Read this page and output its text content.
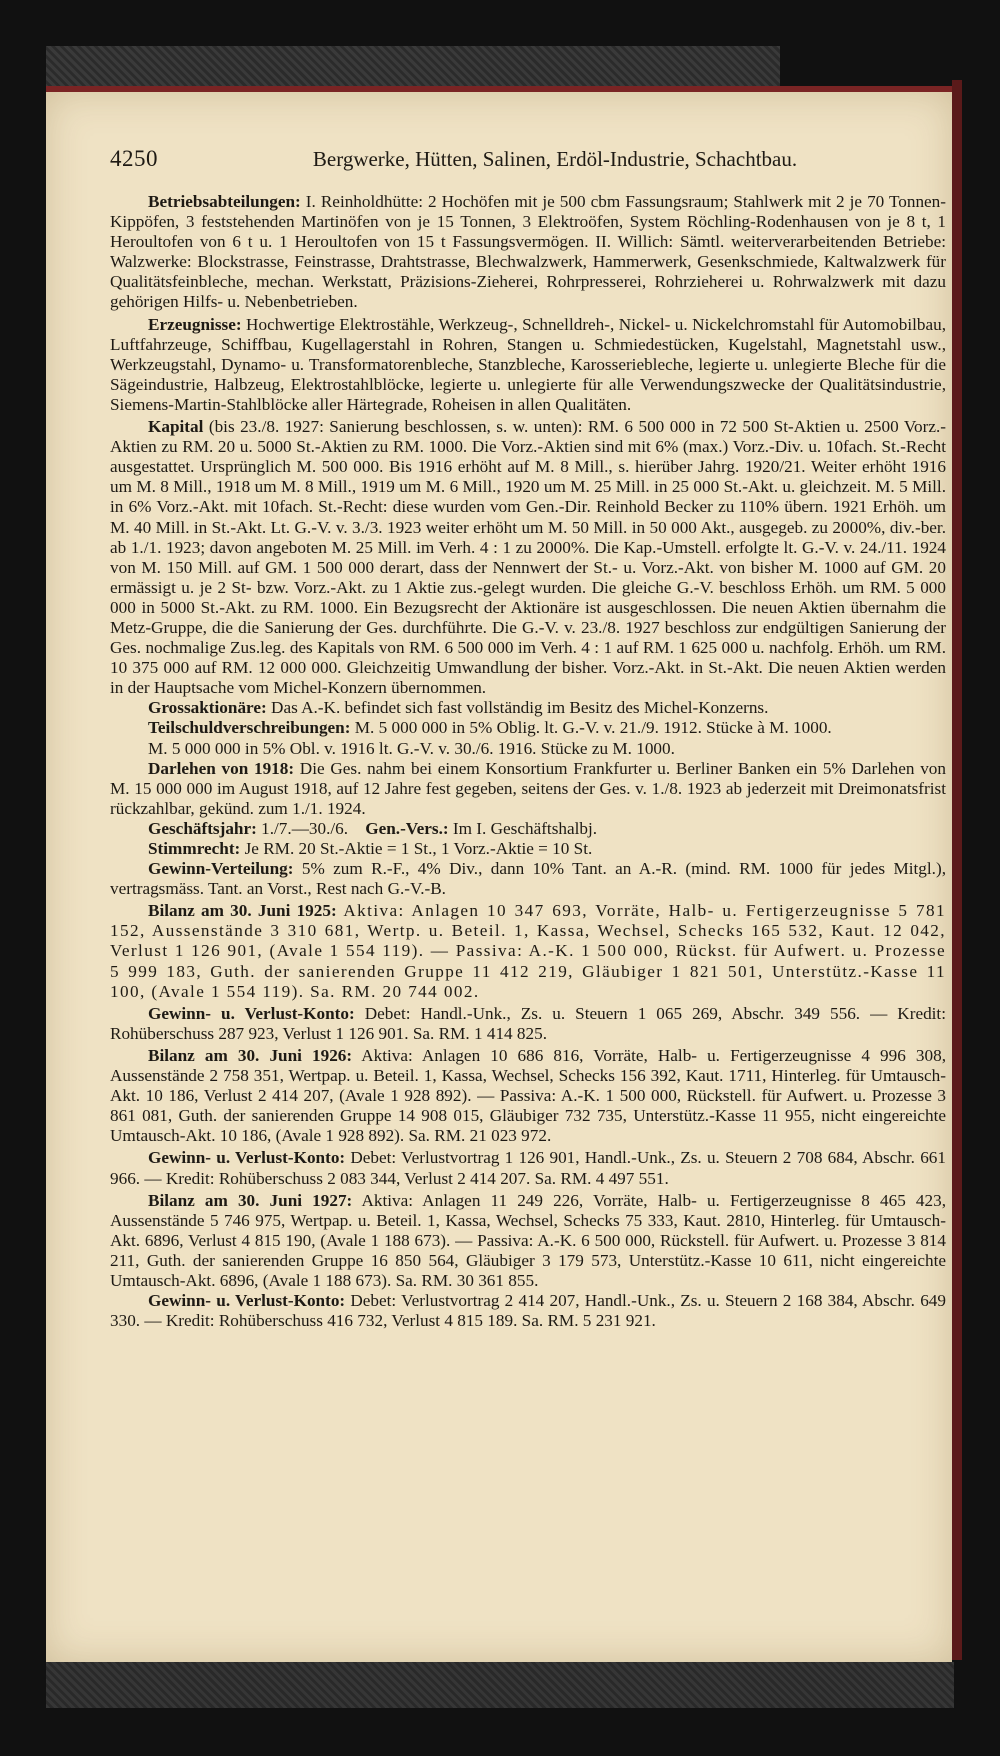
4250	Bergwerke, Hütten, Salinen, Erdöl-Industrie, Schachtbau.

Betriebsabteilungen: I. Reinholdhütte: 2 Hochöfen mit je 500 cbm Fassungsraum; Stahlwerk mit 2 je 70 Tonnen-Kippöfen, 3 feststehenden Martinöfen von je 15 Tonnen, 3 Elektroöfen, System Röchling-Rodenhausen von je 8 t, 1 Heroultofen von 6 t u. 1 Heroultofen von 15 t Fassungsvermögen. II. Willich: Sämtl. weiterverarbeitenden Betriebe: Walzwerke: Blockstrasse, Feinstrasse, Drahtstrasse, Blechwalzwerk, Hammerwerk, Gesenkschmiede, Kaltwalzwerk für Qualitätsfeinbleche, mechan. Werkstatt, Präzisions-Zieherei, Rohrpresserei, Rohrzieherei u. Rohrwalzwerk mit dazu gehörigen Hilfs- u. Nebenbetrieben.

Erzeugnisse: Hochwertige Elektrostähle, Werkzeug-, Schnelldreh-, Nickel- u. Nickelchromstahl für Automobilbau, Luftfahrzeuge, Schiffbau, Kugellagerstahl in Rohren, Stangen u. Schmiedestücken, Kugelstahl, Magnetstahl usw., Werkzeugstahl, Dynamo- u. Transformatorenbleche, Stanzbleche, Karosseriebleche, legierte u. unlegierte Bleche für die Sägeindustrie, Halbzeug, Elektrostahlblöcke, legierte u. unlegierte für alle Verwendungszwecke der Qualitätsindustrie, Siemens-Martin-Stahlblöcke aller Härtegrade, Roheisen in allen Qualitäten.

Kapital (bis 23./8. 1927: Sanierung beschlossen, s. w. unten): RM. 6 500 000 in 72 500 St-Aktien u. 2500 Vorz.-Aktien zu RM. 20 u. 5000 St.-Aktien zu RM. 1000. Die Vorz.-Aktien sind mit 6% (max.) Vorz.-Div. u. 10fach. St.-Recht ausgestattet. Ursprünglich M. 500 000. Bis 1916 erhöht auf M. 8 Mill., s. hierüber Jahrg. 1920/21. Weiter erhöht 1916 um M. 8 Mill., 1918 um M. 8 Mill., 1919 um M. 6 Mill., 1920 um M. 25 Mill. in 25 000 St.-Akt. u. gleichzeit. M. 5 Mill. in 6% Vorz.-Akt. mit 10fach. St.-Recht: diese wurden vom Gen.-Dir. Reinhold Becker zu 110% übern. 1921 Erhöh. um M. 40 Mill. in St.-Akt. Lt. G.-V. v. 3./3. 1923 weiter erhöht um M. 50 Mill. in 50 000 Akt., ausgegeb. zu 2000%, div.-ber. ab 1./1. 1923; davon angeboten M. 25 Mill. im Verh. 4 : 1 zu 2000%. Die Kap.-Umstell. erfolgte lt. G.-V. v. 24./11. 1924 von M. 150 Mill. auf GM. 1 500 000 derart, dass der Nennwert der St.- u. Vorz.-Akt. von bisher M. 1000 auf GM. 20 ermässigt u. je 2 St- bzw. Vorz.-Akt. zu 1 Aktie zus.-gelegt wurden. Die gleiche G.-V. beschloss Erhöh. um RM. 5 000 000 in 5000 St.-Akt. zu RM. 1000. Ein Bezugsrecht der Aktionäre ist ausgeschlossen. Die neuen Aktien übernahm die Metz-Gruppe, die die Sanierung der Ges. durchführte. Die G.-V. v. 23./8. 1927 beschloss zur endgültigen Sanierung der Ges. nochmalige Zus.leg. des Kapitals von RM. 6 500 000 im Verh. 4 : 1 auf RM. 1 625 000 u. nachfolg. Erhöh. um RM. 10 375 000 auf RM. 12 000 000. Gleichzeitig Umwandlung der bisher. Vorz.-Akt. in St.-Akt. Die neuen Aktien werden in der Hauptsache vom Michel-Konzern übernommen.

Grossaktionäre: Das A.-K. befindet sich fast vollständig im Besitz des Michel-Konzerns.

Teilschuldverschreibungen: M. 5 000 000 in 5% Oblig. lt. G.-V. v. 21./9. 1912. Stücke à M. 1000.

M. 5 000 000 in 5% Obl. v. 1916 lt. G.-V. v. 30./6. 1916. Stücke zu M. 1000.

Darlehen von 1918: Die Ges. nahm bei einem Konsortium Frankfurter u. Berliner Banken ein 5% Darlehen von M. 15 000 000 im August 1918, auf 12 Jahre fest gegeben, seitens der Ges. v. 1./8. 1923 ab jederzeit mit Dreimonatsfrist rückzahlbar, gekünd. zum 1./1. 1924.

Geschäftsjahr: 1./7.—30./6. Gen.-Vers.: Im I. Geschäftshalbj.

Stimmrecht: Je RM. 20 St.-Aktie = 1 St., 1 Vorz.-Aktie = 10 St.

Gewinn-Verteilung: 5% zum R.-F., 4% Div., dann 10% Tant. an A.-R. (mind. RM. 1000 für jedes Mitgl.), vertragsmäss. Tant. an Vorst., Rest nach G.-V.-B.

Bilanz am 30. Juni 1925: Aktiva: Anlagen 10 347 693, Vorräte, Halb- u. Fertigerzeugnisse 5 781 152, Aussenstände 3 310 681, Wertp. u. Beteil. 1, Kassa, Wechsel, Schecks 165 532, Kaut. 12 042, Verlust 1 126 901, (Avale 1 554 119). — Passiva: A.-K. 1 500 000, Rückst. für Aufwert. u. Prozesse 5 999 183, Guth. der sanierenden Gruppe 11 412 219, Gläubiger 1 821 501, Unterstütz.-Kasse 11 100, (Avale 1 554 119). Sa. RM. 20 744 002.

Gewinn- u. Verlust-Konto: Debet: Handl.-Unk., Zs. u. Steuern 1 065 269, Abschr. 349 556. — Kredit: Rohüberschuss 287 923, Verlust 1 126 901. Sa. RM. 1 414 825.

Bilanz am 30. Juni 1926: Aktiva: Anlagen 10 686 816, Vorräte, Halb- u. Fertigerzeugnisse 4 996 308, Aussenstände 2 758 351, Wertpap. u. Beteil. 1, Kassa, Wechsel, Schecks 156 392, Kaut. 1711, Hinterleg. für Umtausch-Akt. 10 186, Verlust 2 414 207, (Avale 1 928 892). — Passiva: A.-K. 1 500 000, Rückstell. für Aufwert. u. Prozesse 3 861 081, Guth. der sanierenden Gruppe 14 908 015, Gläubiger 732 735, Unterstütz.-Kasse 11 955, nicht eingereichte Umtausch-Akt. 10 186, (Avale 1 928 892). Sa. RM. 21 023 972.

Gewinn- u. Verlust-Konto: Debet: Verlustvortrag 1 126 901, Handl.-Unk., Zs. u. Steuern 2 708 684, Abschr. 661 966. — Kredit: Rohüberschuss 2 083 344, Verlust 2 414 207. Sa. RM. 4 497 551.

Bilanz am 30. Juni 1927: Aktiva: Anlagen 11 249 226, Vorräte, Halb- u. Fertigerzeugnisse 8 465 423, Aussenstände 5 746 975, Wertpap. u. Beteil. 1, Kassa, Wechsel, Schecks 75 333, Kaut. 2810, Hinterleg. für Umtausch-Akt. 6896, Verlust 4 815 190, (Avale 1 188 673). — Passiva: A.-K. 6 500 000, Rückstell. für Aufwert. u. Prozesse 3 814 211, Guth. der sanierenden Gruppe 16 850 564, Gläubiger 3 179 573, Unterstütz.-Kasse 10 611, nicht eingereichte Umtausch-Akt. 6896, (Avale 1 188 673). Sa. RM. 30 361 855.

Gewinn- u. Verlust-Konto: Debet: Verlustvortrag 2 414 207, Handl.-Unk., Zs. u. Steuern 2 168 384, Abschr. 649 330. — Kredit: Rohüberschuss 416 732, Verlust 4 815 189. Sa. RM. 5 231 921.
